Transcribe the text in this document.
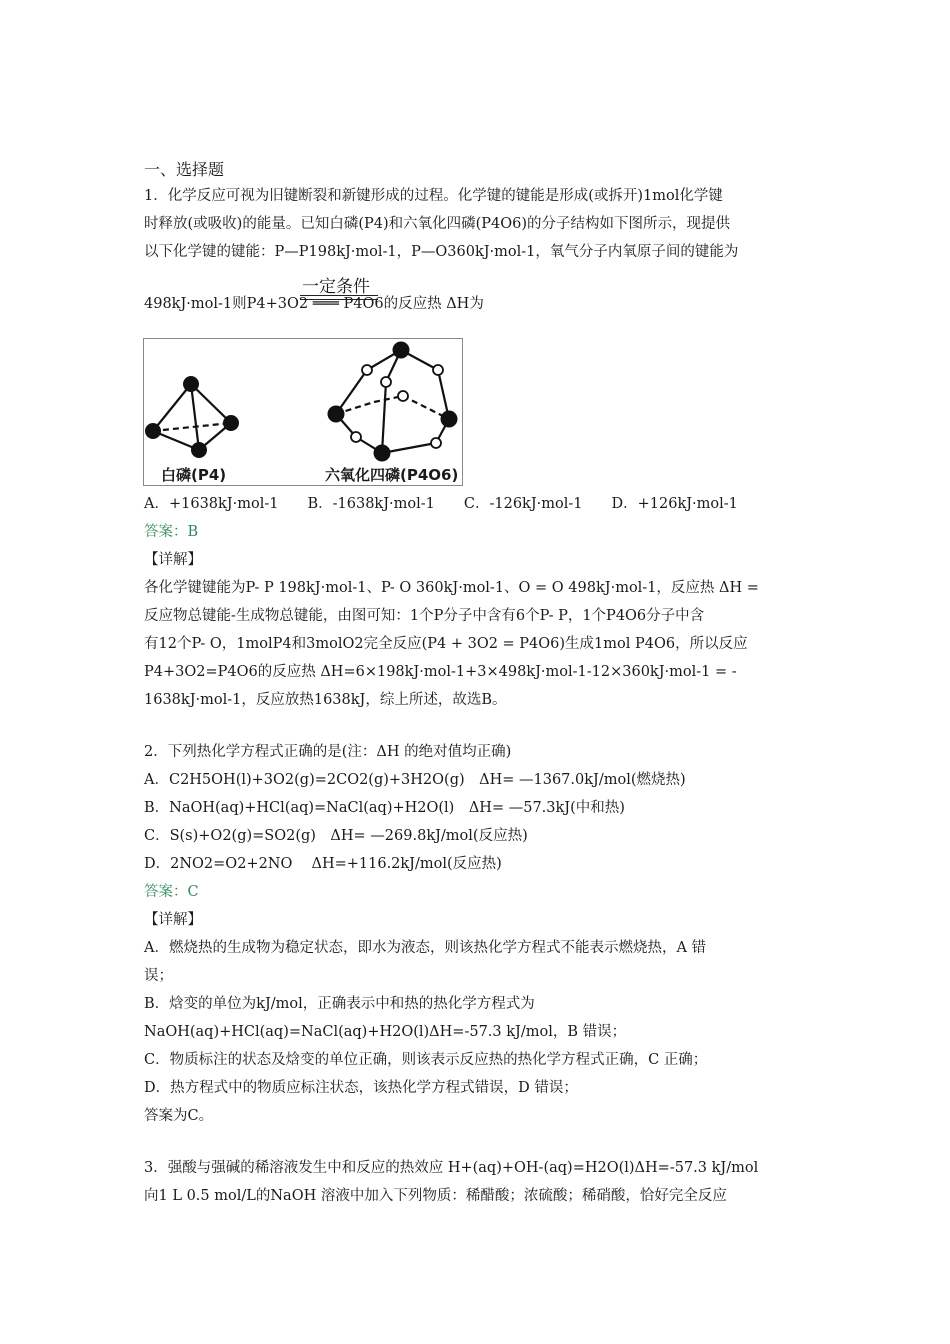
一、选择题
1．化学反应可视为旧键断裂和新键形成的过程。化学键的键能是形成(或拆开)1mol化学键
时释放(或吸收)的能量。已知白磷(P4)和六氧化四磷(P4O6)的分子结构如下图所示，现提供
以下化学键的键能：P—P198kJ·mol-1，P—O360kJ·mol-1，氧气分子内氧原子间的键能为
一定条件
498kJ·mol-1则P4+3O2 ═══ P4O6的反应热 ΔH为
白磷(P4)	六氧化四磷(P4O6)
A．+1638kJ·mol-1　　B．-1638kJ·mol-1　　C．-126kJ·mol-1　　D．+126kJ·mol-1
答案：B
【详解】
各化学键键能为P- P 198kJ·mol-1、P- O 360kJ·mol-1、O = O 498kJ·mol-1，反应热 ΔH =
反应物总键能-生成物总键能，由图可知：1个P分子中含有6个P- P，1个P4O6分子中含
有12个P- O，1molP4和3molO2完全反应(P4 + 3O2 = P4O6)生成1mol P4O6，所以反应
P4+3O2=P4O6的反应热 ΔH=6×198kJ·mol-1+3×498kJ·mol-1-12×360kJ·mol-1 = -
1638kJ·mol-1，反应放热1638kJ，综上所述，故选B。
2．下列热化学方程式正确的是(注：ΔH 的绝对值均正确)
A．C2H5OH(l)+3O2(g)=2CO2(g)+3H2O(g)　ΔH= —1367.0kJ/mol(燃烧热)
B．NaOH(aq)+HCl(aq)=NaCl(aq)+H2O(l)　ΔH= —57.3kJ(中和热)
C．S(s)+O2(g)=SO2(g)　ΔH= —269.8kJ/mol(反应热)
D．2NO2=O2+2NO　 ΔH=+116.2kJ/mol(反应热)
答案：C
【详解】
A．燃烧热的生成物为稳定状态，即水为液态，则该热化学方程式不能表示燃烧热，A 错
误；
B．焓变的单位为kJ/mol，正确表示中和热的热化学方程式为
NaOH(aq)+HCl(aq)=NaCl(aq)+H2O(l)ΔH=-57.3 kJ/mol，B 错误；
C．物质标注的状态及焓变的单位正确，则该表示反应热的热化学方程式正确，C 正确；
D．热方程式中的物质应标注状态，该热化学方程式错误，D 错误；
答案为C。
3．强酸与强碱的稀溶液发生中和反应的热效应 H+(aq)+OH-(aq)=H2O(l)ΔH=-57.3 kJ/mol
向1 L 0.5 mol/L的NaOH 溶液中加入下列物质：稀醋酸；浓硫酸；稀硝酸，恰好完全反应
